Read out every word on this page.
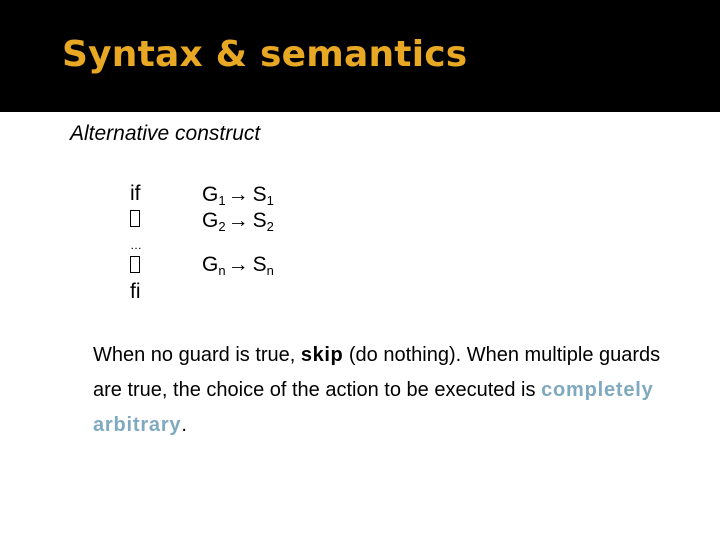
Syntax & semantics
Alternative construct
if
…
fi
$G_1\to S_1$
$G_2\to S_2$
$G_n\to S_n$
When no guard is true, skip (do nothing). When multiple guards are true, the choice of the action to be executed is completely arbitrary.
